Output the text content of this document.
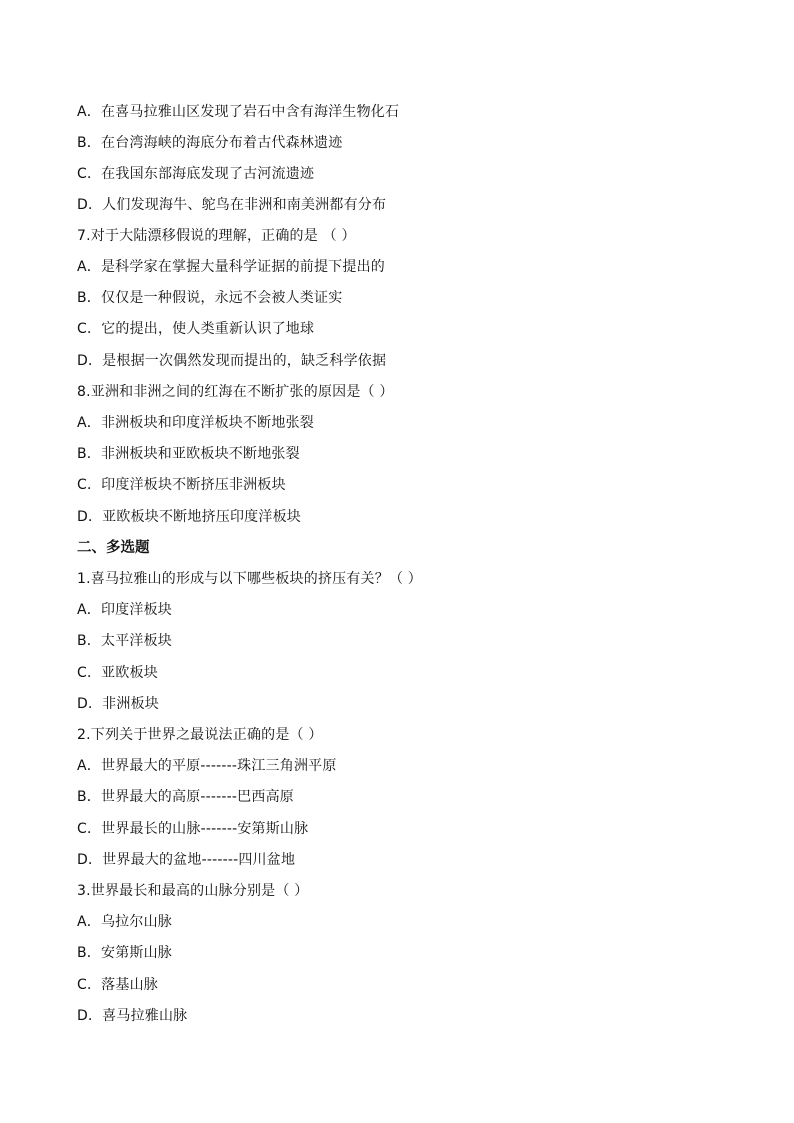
A．在喜马拉雅山区发现了岩石中含有海洋生物化石
B．在台湾海峡的海底分布着古代森林遗迹
C．在我国东部海底发现了古河流遗迹
D．人们发现海牛、鸵鸟在非洲和南美洲都有分布
7.对于大陆漂移假说的理解，正确的是 （ ）
A．是科学家在掌握大量科学证据的前提下提出的
B．仅仅是一种假说，永远不会被人类证实
C．它的提出，使人类重新认识了地球
D．是根据一次偶然发现而提出的，缺乏科学依据
8.亚洲和非洲之间的红海在不断扩张的原因是（ ）
A．非洲板块和印度洋板块不断地张裂
B．非洲板块和亚欧板块不断地张裂
C．印度洋板块不断挤压非洲板块
D．亚欧板块不断地挤压印度洋板块
二、多选题
1.喜马拉雅山的形成与以下哪些板块的挤压有关？（ ）
A．印度洋板块
B．太平洋板块
C．亚欧板块
D．非洲板块
2.下列关于世界之最说法正确的是（ ）
A．世界最大的平原-------珠江三角洲平原
B．世界最大的高原-------巴西高原
C．世界最长的山脉-------安第斯山脉
D．世界最大的盆地-------四川盆地
3.世界最长和最高的山脉分别是（ ）
A．乌拉尔山脉
B．安第斯山脉
C．落基山脉
D．喜马拉雅山脉
